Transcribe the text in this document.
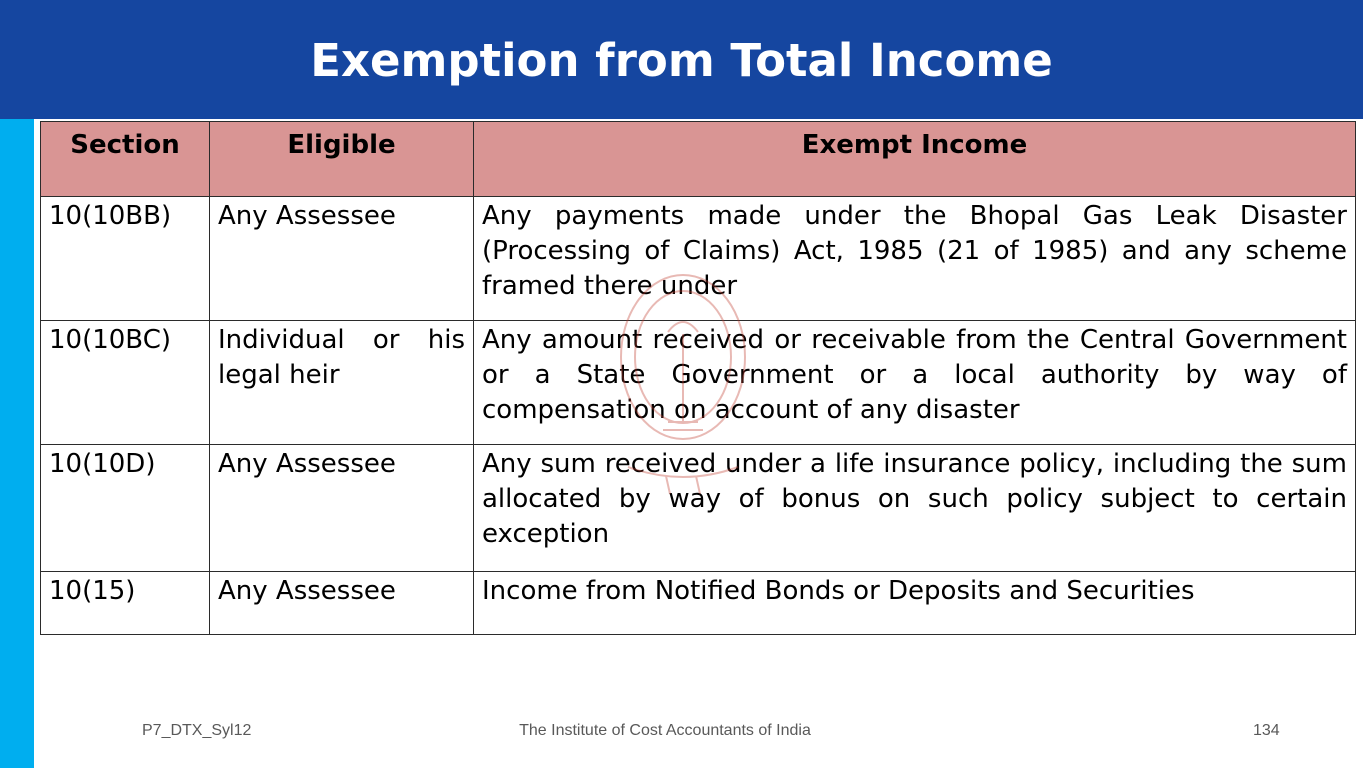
Exemption from Total Income
Section	Eligible	Exempt Income
10(10BB)	Any Assessee	Any payments made under the Bhopal Gas Leak Disaster (Processing of Claims) Act, 1985 (21 of 1985) and any scheme framed there under
10(10BC)	Individual or his legal heir	Any amount received or receivable from the Central Government or a State Government or a local authority by way of compensation on account of any disaster
10(10D)	Any Assessee	Any sum received under a life insurance policy, including the sum allocated by way of bonus on such policy subject to certain exception
10(15)	Any Assessee	Income from Notified Bonds or Deposits and Securities
P7_DTX_Syl12	The Institute of Cost Accountants of India	134
